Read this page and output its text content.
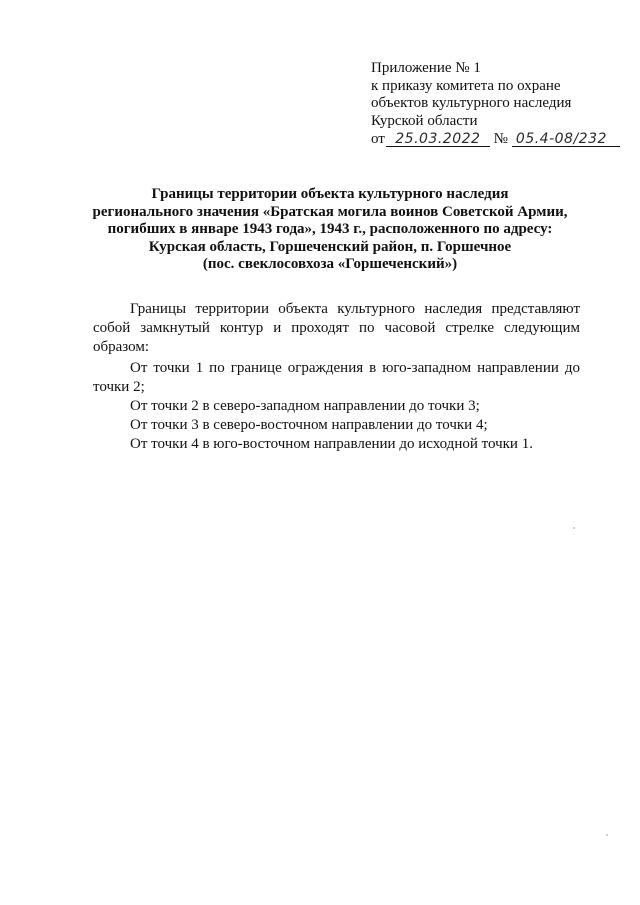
Приложение № 1
к приказу комитета по охране
объектов культурного наследия
Курской области
от 25.03.2022 № 05.4-08/232
Границы территории объекта культурного наследия
регионального значения «Братская могила воинов Советской Армии,
погибших в январе 1943 года», 1943 г., расположенного по адресу:
Курская область, Горшеченский район, п. Горшечное
(пос. свеклосовхоза «Горшеченский»)
Границы территории объекта культурного наследия представляют
собой замкнутый контур и проходят по часовой стрелке следующим
образом:
От точки 1 по границе ограждения в юго-западном направлении до
точки 2;
От точки 2 в северо-западном направлении до точки 3;
От точки 3 в северо-восточном направлении до точки 4;
От точки 4 в юго-восточном направлении до исходной точки 1.
